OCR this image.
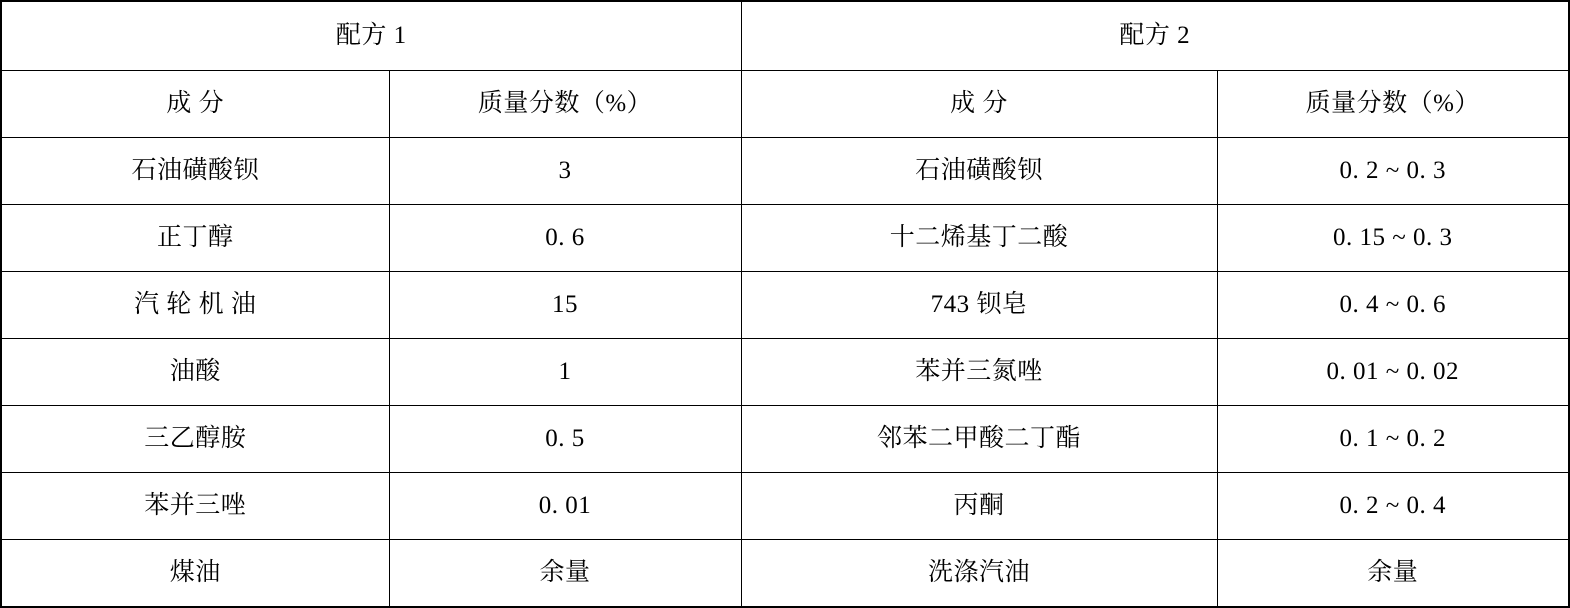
配方 1		配方 2	
成 分	质量分数（%）	成 分	质量分数（%）
石油磺酸钡	3	石油磺酸钡	0. 2 ~ 0. 3
正丁醇	0. 6	十二烯基丁二酸	0. 15 ~ 0. 3
汽 轮 机 油	15	743 钡皂	0. 4 ~ 0. 6
油酸	1	苯并三氮唑	0. 01 ~ 0. 02
三乙醇胺	0. 5	邻苯二甲酸二丁酯	0. 1 ~ 0. 2
苯并三唑	0. 01	丙酮	0. 2 ~ 0. 4
煤油	余量	洗涤汽油	余量
